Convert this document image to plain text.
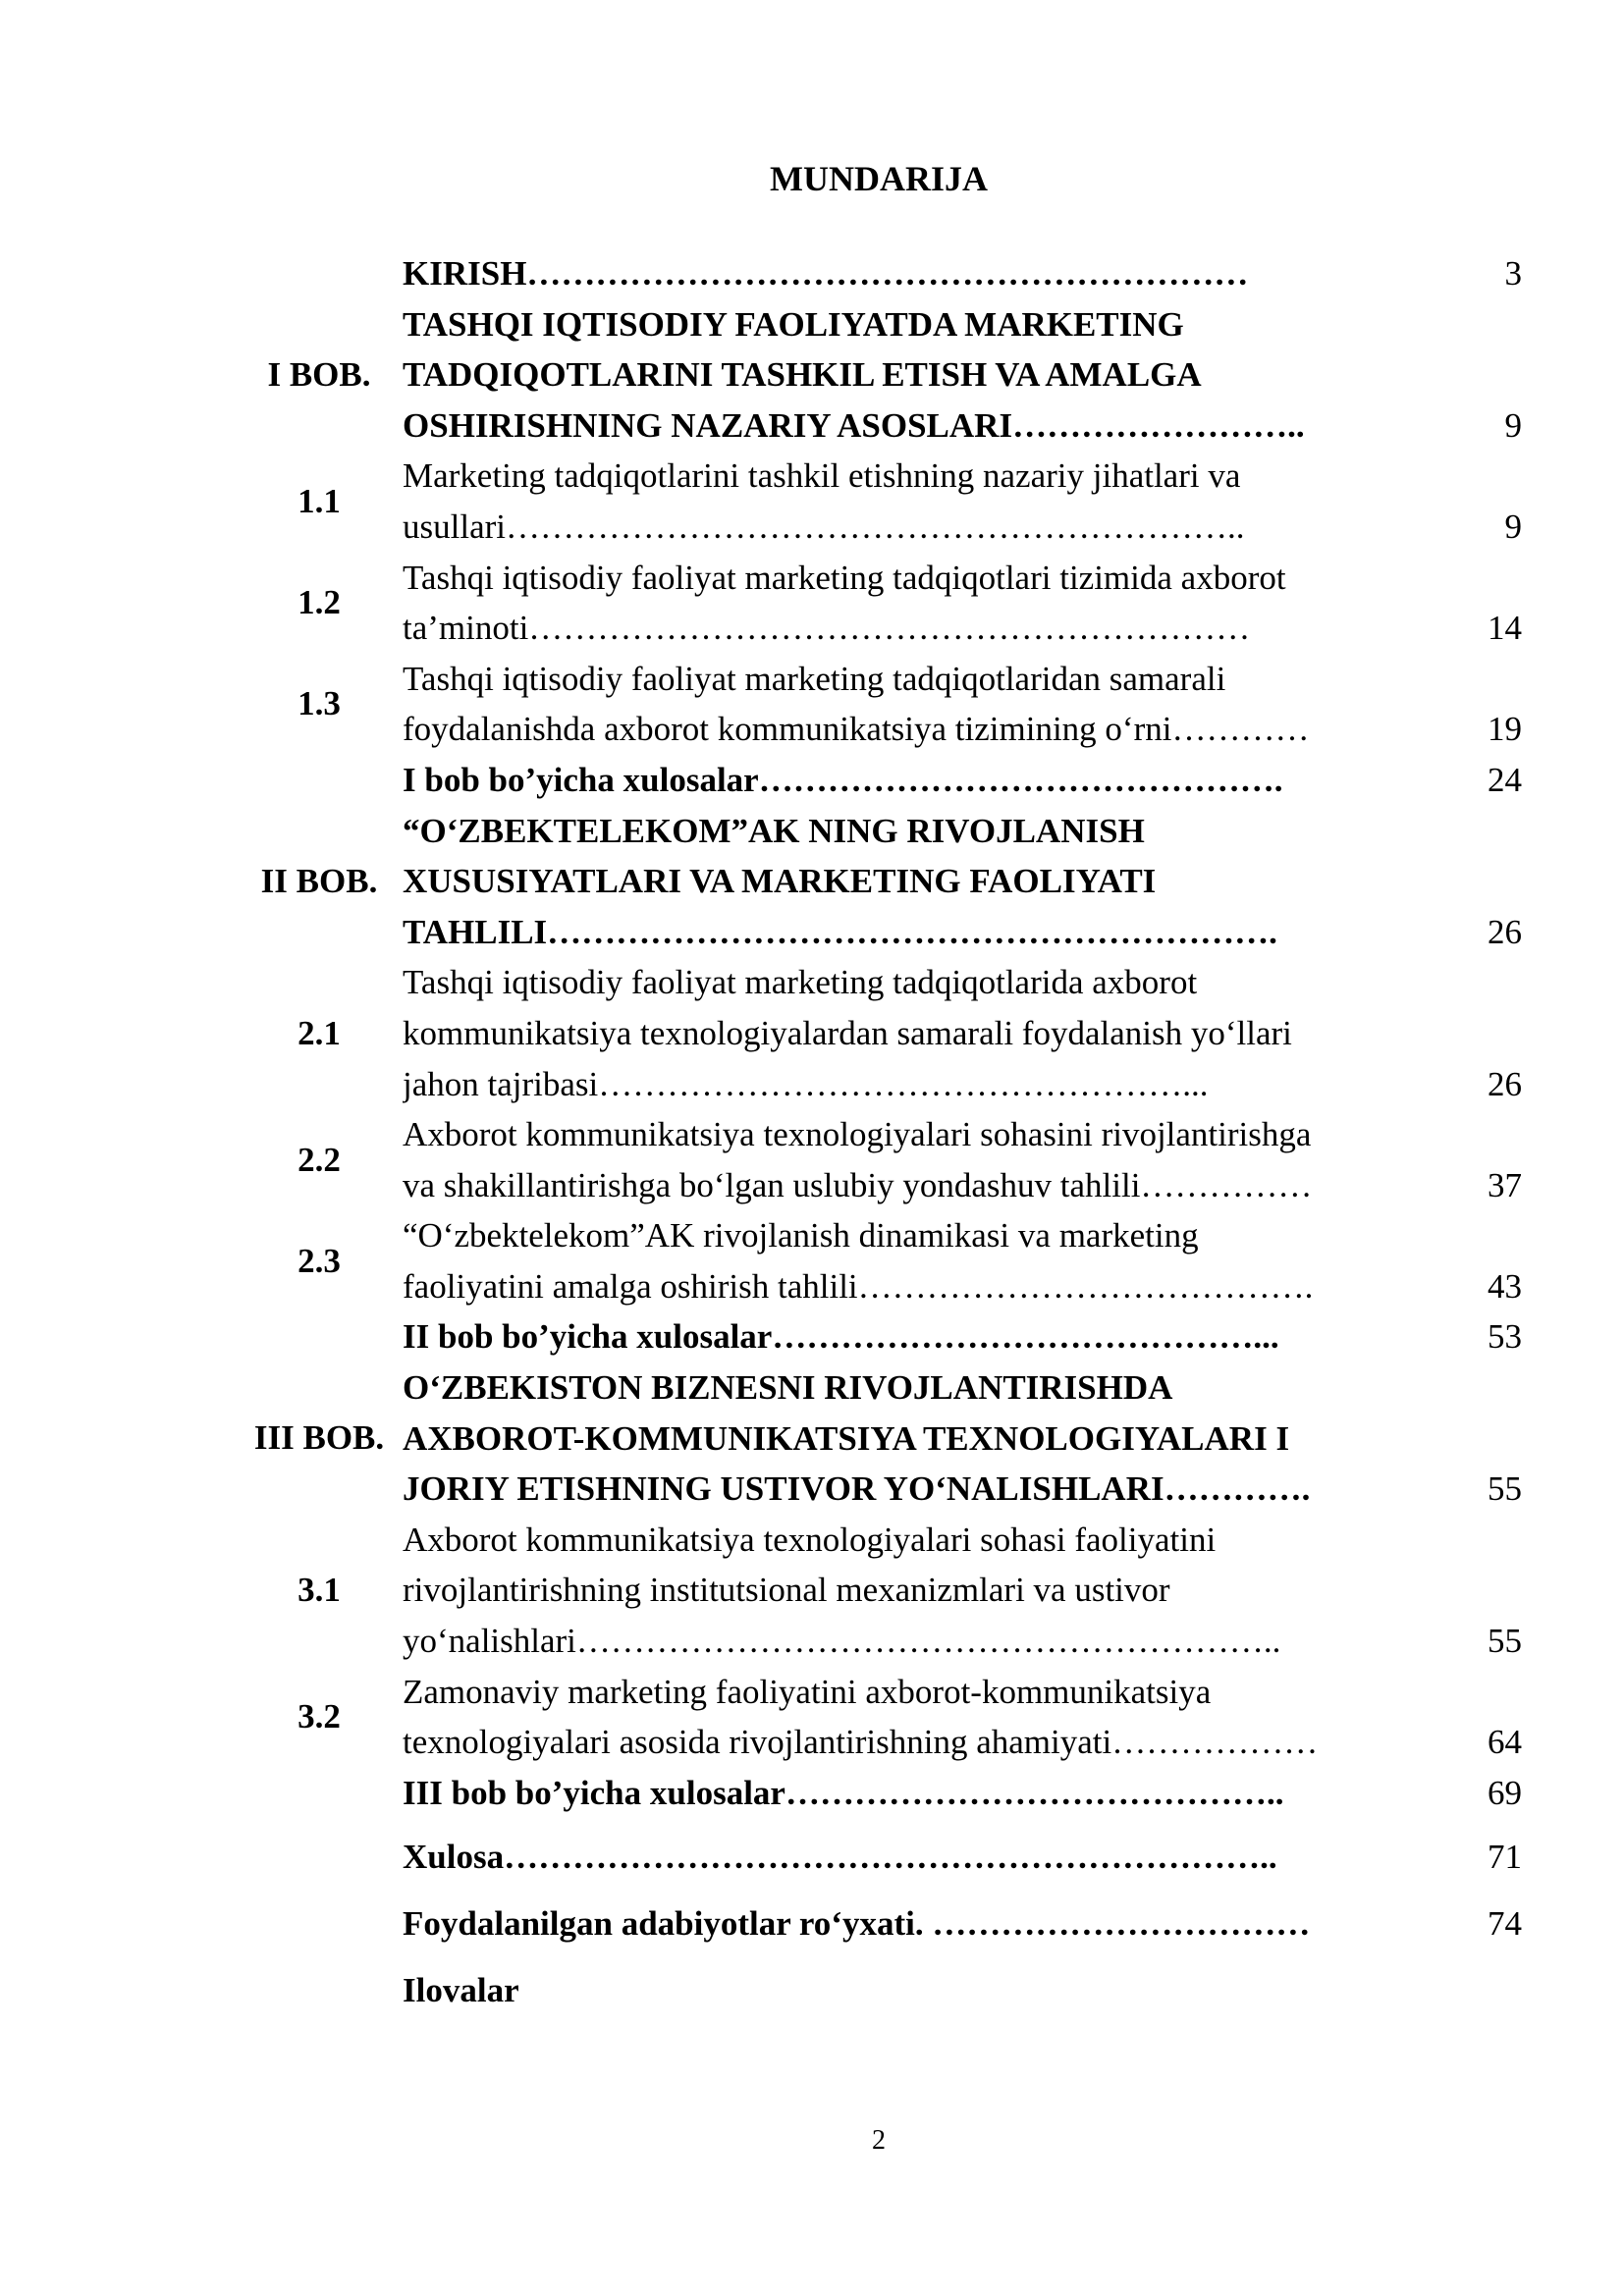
MUNDARIJA
KIRISH………………………………………………………	3
I BOB.
TASHQI IQTISODIY FAOLIYATDA MARKETING
TADQIQOTLARINI TASHKIL ETISH VA AMALGA
OSHIRISHNING NAZARIY ASOSLARI……………………..	9
1.1
Marketing tadqiqotlarini tashkil etishning nazariy jihatlari va
usullari………………………………………………………..	9
1.2
Tashqi iqtisodiy faoliyat marketing tadqiqotlari tizimida axborot
ta’minoti………………………………………………………	14
1.3
Tashqi iqtisodiy faoliyat marketing tadqiqotlaridan samarali
foydalanishda axborot kommunikatsiya tizimining o‘rni…………	19
I bob bo’yicha xulosalar……………………………………….	24
II BOB.
“O‘ZBEKTELEKOM”AK NING RIVOJLANISH
XUSUSIYATLARI VA MARKETING FAOLIYATI
TAHLILI……………………………………………………….	26
2.1
Tashqi iqtisodiy faoliyat marketing tadqiqotlarida axborot
kommunikatsiya texnologiyalardan samarali foydalanish yo‘llari
jahon tajribasi……………………………………………...	26
2.2
Axborot kommunikatsiya texnologiyalari sohasini rivojlantirishga
va shakillantirishga bo‘lgan uslubiy yondashuv tahlili……………	37
2.3
“O‘zbektelekom”AK rivojlanish dinamikasi va marketing
faoliyatini amalga oshirish tahlili………………………………….	43
II bob bo’yicha xulosalar……………………………………...	53
III BOB.
O‘ZBEKISTON BIZNESNI RIVOJLANTIRISHDA
AXBOROT-KOMMUNIKATSIYA TEXNOLOGIYALARI I
JORIY ETISHNING USTIVOR YO‘NALISHLARI………….	55
3.1
Axborot kommunikatsiya texnologiyalari sohasi faoliyatini
rivojlantirishning institutsional mexanizmlari va ustivor
yo‘nalishlari……………………………………………………..	55
3.2
Zamonaviy marketing faoliyatini axborot-kommunikatsiya
texnologiyalari asosida rivojlantirishning ahamiyati………………	64
III bob bo’yicha xulosalar……………………………………..	69
Xulosa…………………………………………………………..	71
Foydalanilgan adabiyotlar ro‘yxati. ……………………………	74
Ilovalar
2
